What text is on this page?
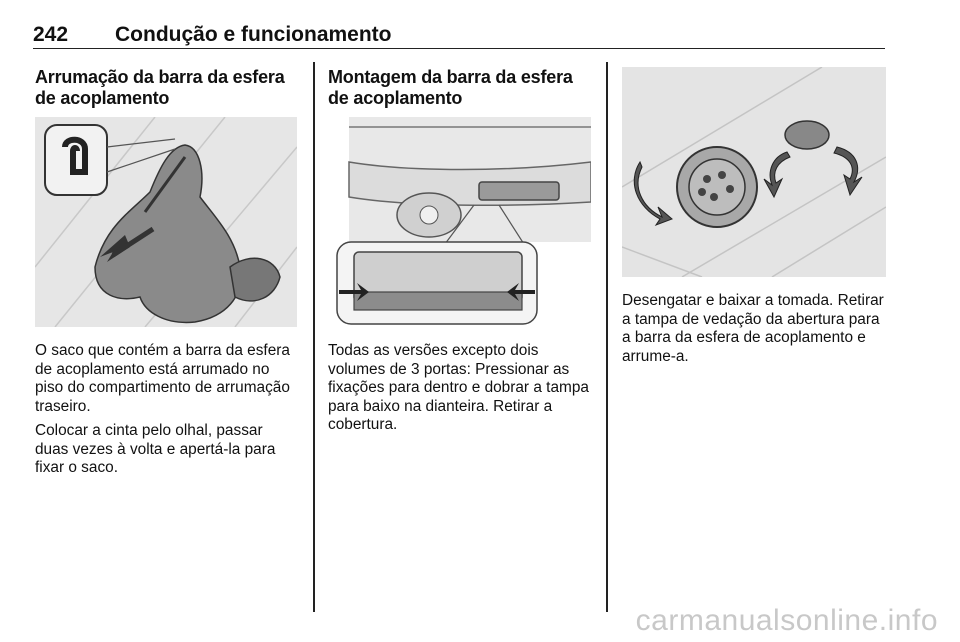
242 Condução e funcionamento
Arrumação da barra da esfera de acoplamento

O saco que contém a barra da esfera de acoplamento está arrumado no piso do compartimento de arrumação traseiro.

Colocar a cinta pelo olhal, passar duas vezes à volta e apertá-la para fixar o saco.

Montagem da barra da esfera de acoplamento

Todas as versões excepto dois volumes de 3 portas: Pressionar as fixações para dentro e dobrar a tampa para baixo na dianteira. Retirar a cobertura.

Desengatar e baixar a tomada. Retirar a tampa de vedação da abertura para a barra da esfera de acoplamento e arrume-a.

carmanualsonline.info
